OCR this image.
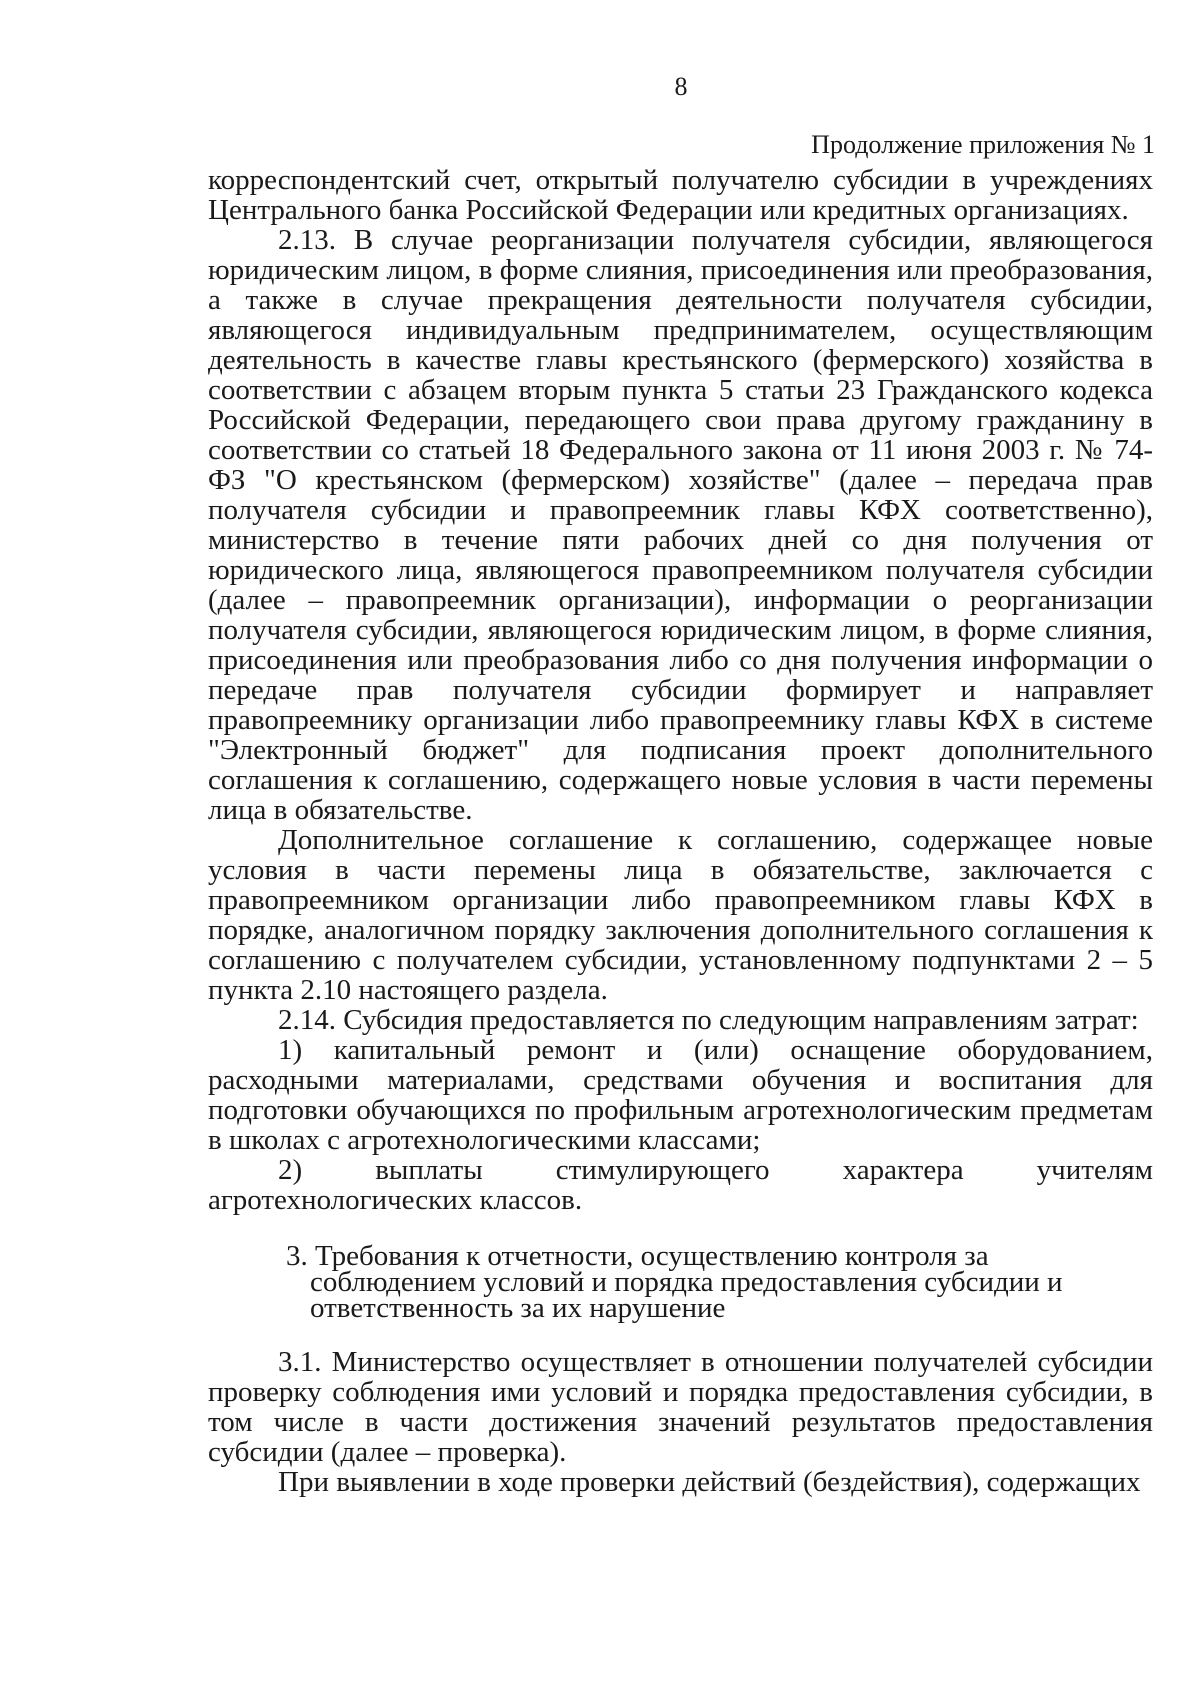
8
Продолжение приложения № 1

корреспондентский счет, открытый получателю субсидии в учреждениях Центрального банка Российской Федерации или кредитных организациях.

2.13. В случае реорганизации получателя субсидии, являющегося юридическим лицом, в форме слияния, присоединения или преобразования, а также в случае прекращения деятельности получателя субсидии, являющегося индивидуальным предпринимателем, осуществляющим деятельность в качестве главы крестьянского (фермерского) хозяйства в соответствии с абзацем вторым пункта 5 статьи 23 Гражданского кодекса Российской Федерации, передающего свои права другому гражданину в соответствии со статьей 18 Федерального закона от 11 июня 2003 г. № 74-ФЗ "О крестьянском (фермерском) хозяйстве" (далее – передача прав получателя субсидии и правопреемник главы КФХ соответственно), министерство в течение пяти рабочих дней со дня получения от юридического лица, являющегося правопреемником получателя субсидии (далее – правопреемник организации), информации о реорганизации получателя субсидии, являющегося юридическим лицом, в форме слияния, присоединения или преобразования либо со дня получения информации о передаче прав получателя субсидии формирует и направляет правопреемнику организации либо правопреемнику главы КФХ в системе "Электронный бюджет" для подписания проект дополнительного соглашения к соглашению, содержащего новые условия в части перемены лица в обязательстве.

Дополнительное соглашение к соглашению, содержащее новые условия в части перемены лица в обязательстве, заключается с правопреемником организации либо правопреемником главы КФХ в порядке, аналогичном порядку заключения дополнительного соглашения к соглашению с получателем субсидии, установленному подпунктами 2 – 5 пункта 2.10 настоящего раздела.

2.14. Субсидия предоставляется по следующим направлениям затрат:

1) капитальный ремонт и (или) оснащение оборудованием, расходными материалами, средствами обучения и воспитания для подготовки обучающихся по профильным агротехнологическим предметам в школах с агротехнологическими классами;

2) выплаты стимулирующего характера учителям агротехнологических классов.

3. Требования к отчетности, осуществлению контроля за соблюдением условий и порядка предоставления субсидии и ответственность за их нарушение

3.1. Министерство осуществляет в отношении получателей субсидии проверку соблюдения ими условий и порядка предоставления субсидии, в том числе в части достижения значений результатов предоставления субсидии (далее – проверка).

При выявлении в ходе проверки действий (бездействия), содержащих
